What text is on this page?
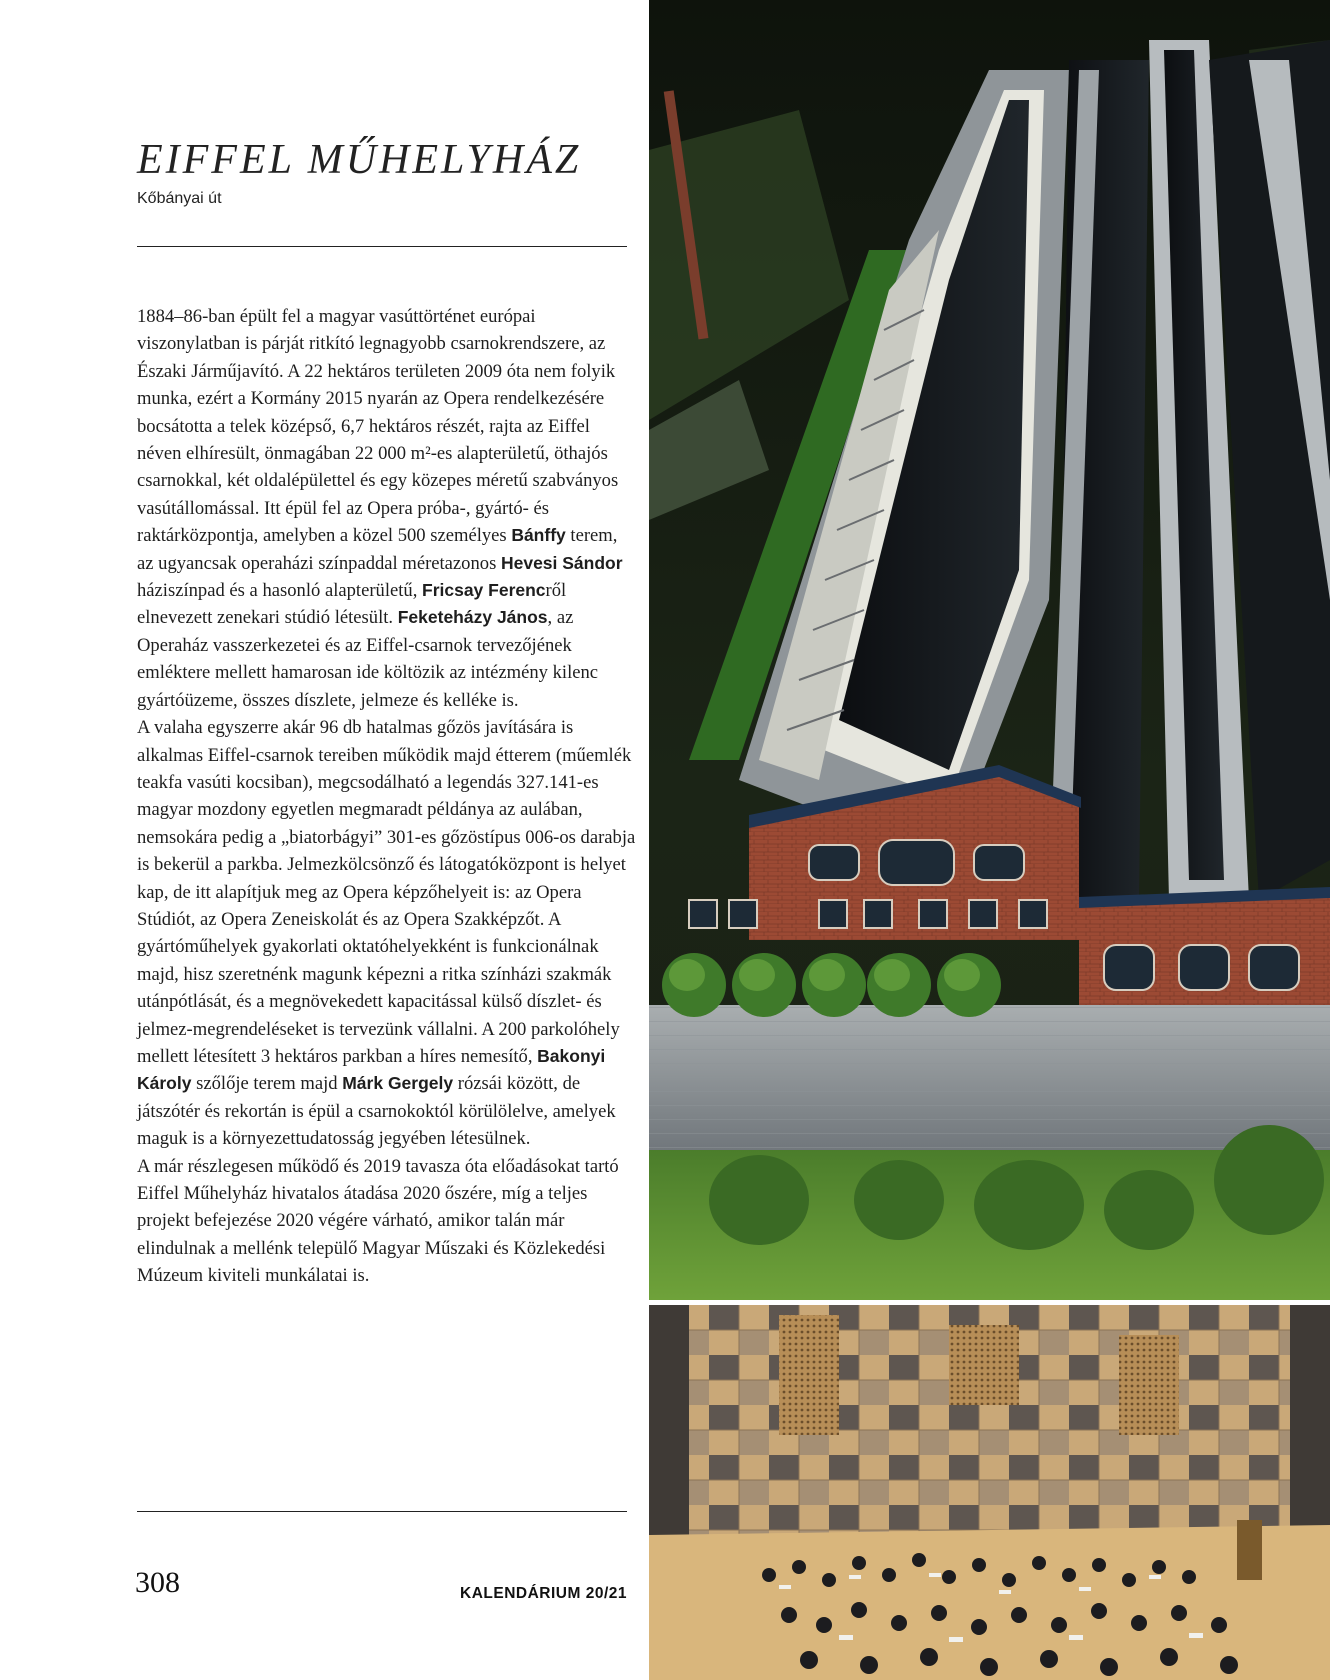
EIFFEL MŰHELYHÁZ
Kőbányai út

1884–86-ban épült fel a magyar vasúttörténet európai viszonylatban is párját ritkító legnagyobb csarnokrendszere, az Északi Járműjavító. A 22 hektáros területen 2009 óta nem folyik munka, ezért a Kormány 2015 nyarán az Opera rendelkezésére bocsátotta a telek középső, 6,7 hektáros részét, rajta az Eiffel néven elhíresült, önmagában 22 000 m²-es alapterületű, öthajós csarnokkal, két oldalépülettel és egy közepes méretű szabványos vasútállomással. Itt épül fel az Opera próba-, gyártó- és raktárközpontja, amelyben a közel 500 személyes Bánffy terem, az ugyancsak operaházi színpaddal méretazonos Hevesi Sándor háziszínpad és a hasonló alapterületű, Fricsay Ferencről elnevezett zenekari stúdió létesült. Feketeházy János, az Operaház vasszerkezetei és az Eiffel-csarnok tervezőjének emléktere mellett hamarosan ide költözik az intézmény kilenc gyártóüzeme, összes díszlete, jelmeze és kelléke is.

A valaha egyszerre akár 96 db hatalmas gőzös javítására is alkalmas Eiffel-csarnok tereiben működik majd étterem (műemlék teakfa vasúti kocsiban), megcsodálható a legendás 327.141-es magyar mozdony egyetlen megmaradt példánya az aulában, nemsokára pedig a „biatorbágyi” 301-es gőzöstípus 006-os darabja is bekerül a parkba. Jelmezkölcsönző és látogatóközpont is helyet kap, de itt alapítjuk meg az Opera képzőhelyeit is: az Opera Stúdiót, az Opera Zeneiskolát és az Opera Szakképzőt. A gyártóműhelyek gyakorlati oktatóhelyekként is funkcionálnak majd, hisz szeretnénk magunk képezni a ritka színházi szakmák utánpótlását, és a megnövekedett kapacitással külső díszlet- és jelmez-megrendeléseket is tervezünk vállalni. A 200 parkolóhely mellett létesített 3 hektáros parkban a híres nemesítő, Bakonyi Károly szőlője terem majd Márk Gergely rózsái között, de játszótér és rekortán is épül a csarnokoktól körülölelve, amelyek maguk is a környezettudatosság jegyében létesülnek.

A már részlegesen működő és 2019 tavasza óta előadásokat tartó Eiffel Műhelyház hivatalos átadása 2020 őszére, míg a teljes projekt befejezése 2020 végére várható, amikor talán már elindulnak a mellénk települő Magyar Műszaki és Közlekedési Múzeum kiviteli munkálatai is.

308	KALENDÁRIUM 20/21
